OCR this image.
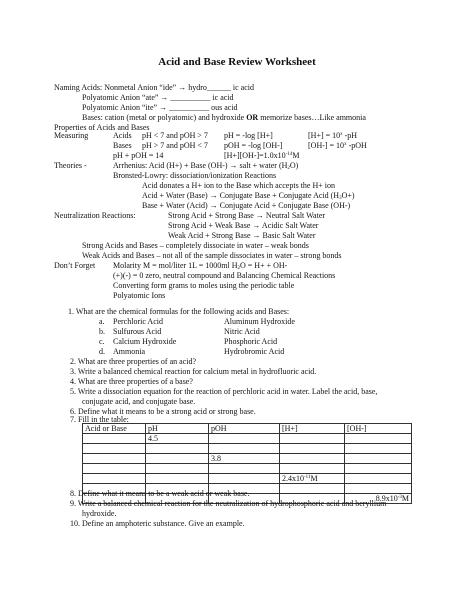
Acid and Base Review Worksheet
Naming Acids: Nonmetal Anion “ide” → hydro______ ic acid
Polyatomic Anion “ate” → __________ ic acid
Polyatomic Anion “ite” → __________ ous acid
Bases: cation (metal or polyatomic) and hydroxide OR memorize bases…Like ammonia
Properties of Acids and Bases
Measuring	Acids pH < 7 and pOH > 7 pH = -log [H+]	$[H+] = 10^x$ -pH
Bases pH > 7 and pOH < 7 pOH = -log [OH-]	$[OH-] = 10^x$ -pOH
pH + pOH = 14	$[H+][OH-]=1.0x10^{-14}M$
Theories -	Arrhenius: Acid (H+) + Base (OH-) → salt + water $(H_2O)$
Bronsted-Lowry: dissociation/ionization Reactions
Acid donates a H+ ion to the Base which accepts the H+ ion
Acid + Water (Base) → Conjugate Base + Conjugate Acid $(H_3O+)$
Base + Water (Acid) → Conjugate Acid + Conjugate Base (OH-)
Neutralization Reactions:	Strong Acid + Strong Base → Neutral Salt Water
Strong Acid + Weak Base → Acidic Salt Water
Weak Acid + Strong Base → Basic Salt Water
Strong Acids and Bases – completely dissociate in water – weak bonds
Weak Acids and Bases – not all of the sample dissociates in water – strong bonds
Don’t Forget Molarity M = mol/liter 1L = 1000ml $H_2O = H+ + OH-$
(+)(-) = 0 zero, neutral compound and Balancing Chemical Reactions
Converting form grams to moles using the periodic table
Polyatomic Ions
1. What are the chemical formulas for the following acids and Bases:
a. Perchloric Acid	Aluminum Hydroxide
b. Sulfurous Acid	Nitric Acid
c. Calcium Hydroxide	Phosphoric Acid
d. Ammonia	Hydrobromic Acid
2. What are three properties of an acid?
3. Write a balanced chemical reaction for calcium metal in hydrofluoric acid.
4. What are three properties of a base?
5. Write a dissociation equation for the reaction of perchloric acid in water. Label the acid, base,
conjugate acid, and conjugate base.
6. Define what it means to be a strong acid or strong base.
7. Fill in the table:
Acid or Base	pH	pOH	[H+]	[OH-]
	4.5			

		3.8		

			$2.4x10^{-11}M$	

				$8.9x10^{-3}M$
8. Define what it means to be a weak acid or weak base.
9. Write a balanced chemical reaction for the neutralization of hydrophosphoric acid and beryllium
hydroxide.
10. Define an amphoteric substance. Give an example.
